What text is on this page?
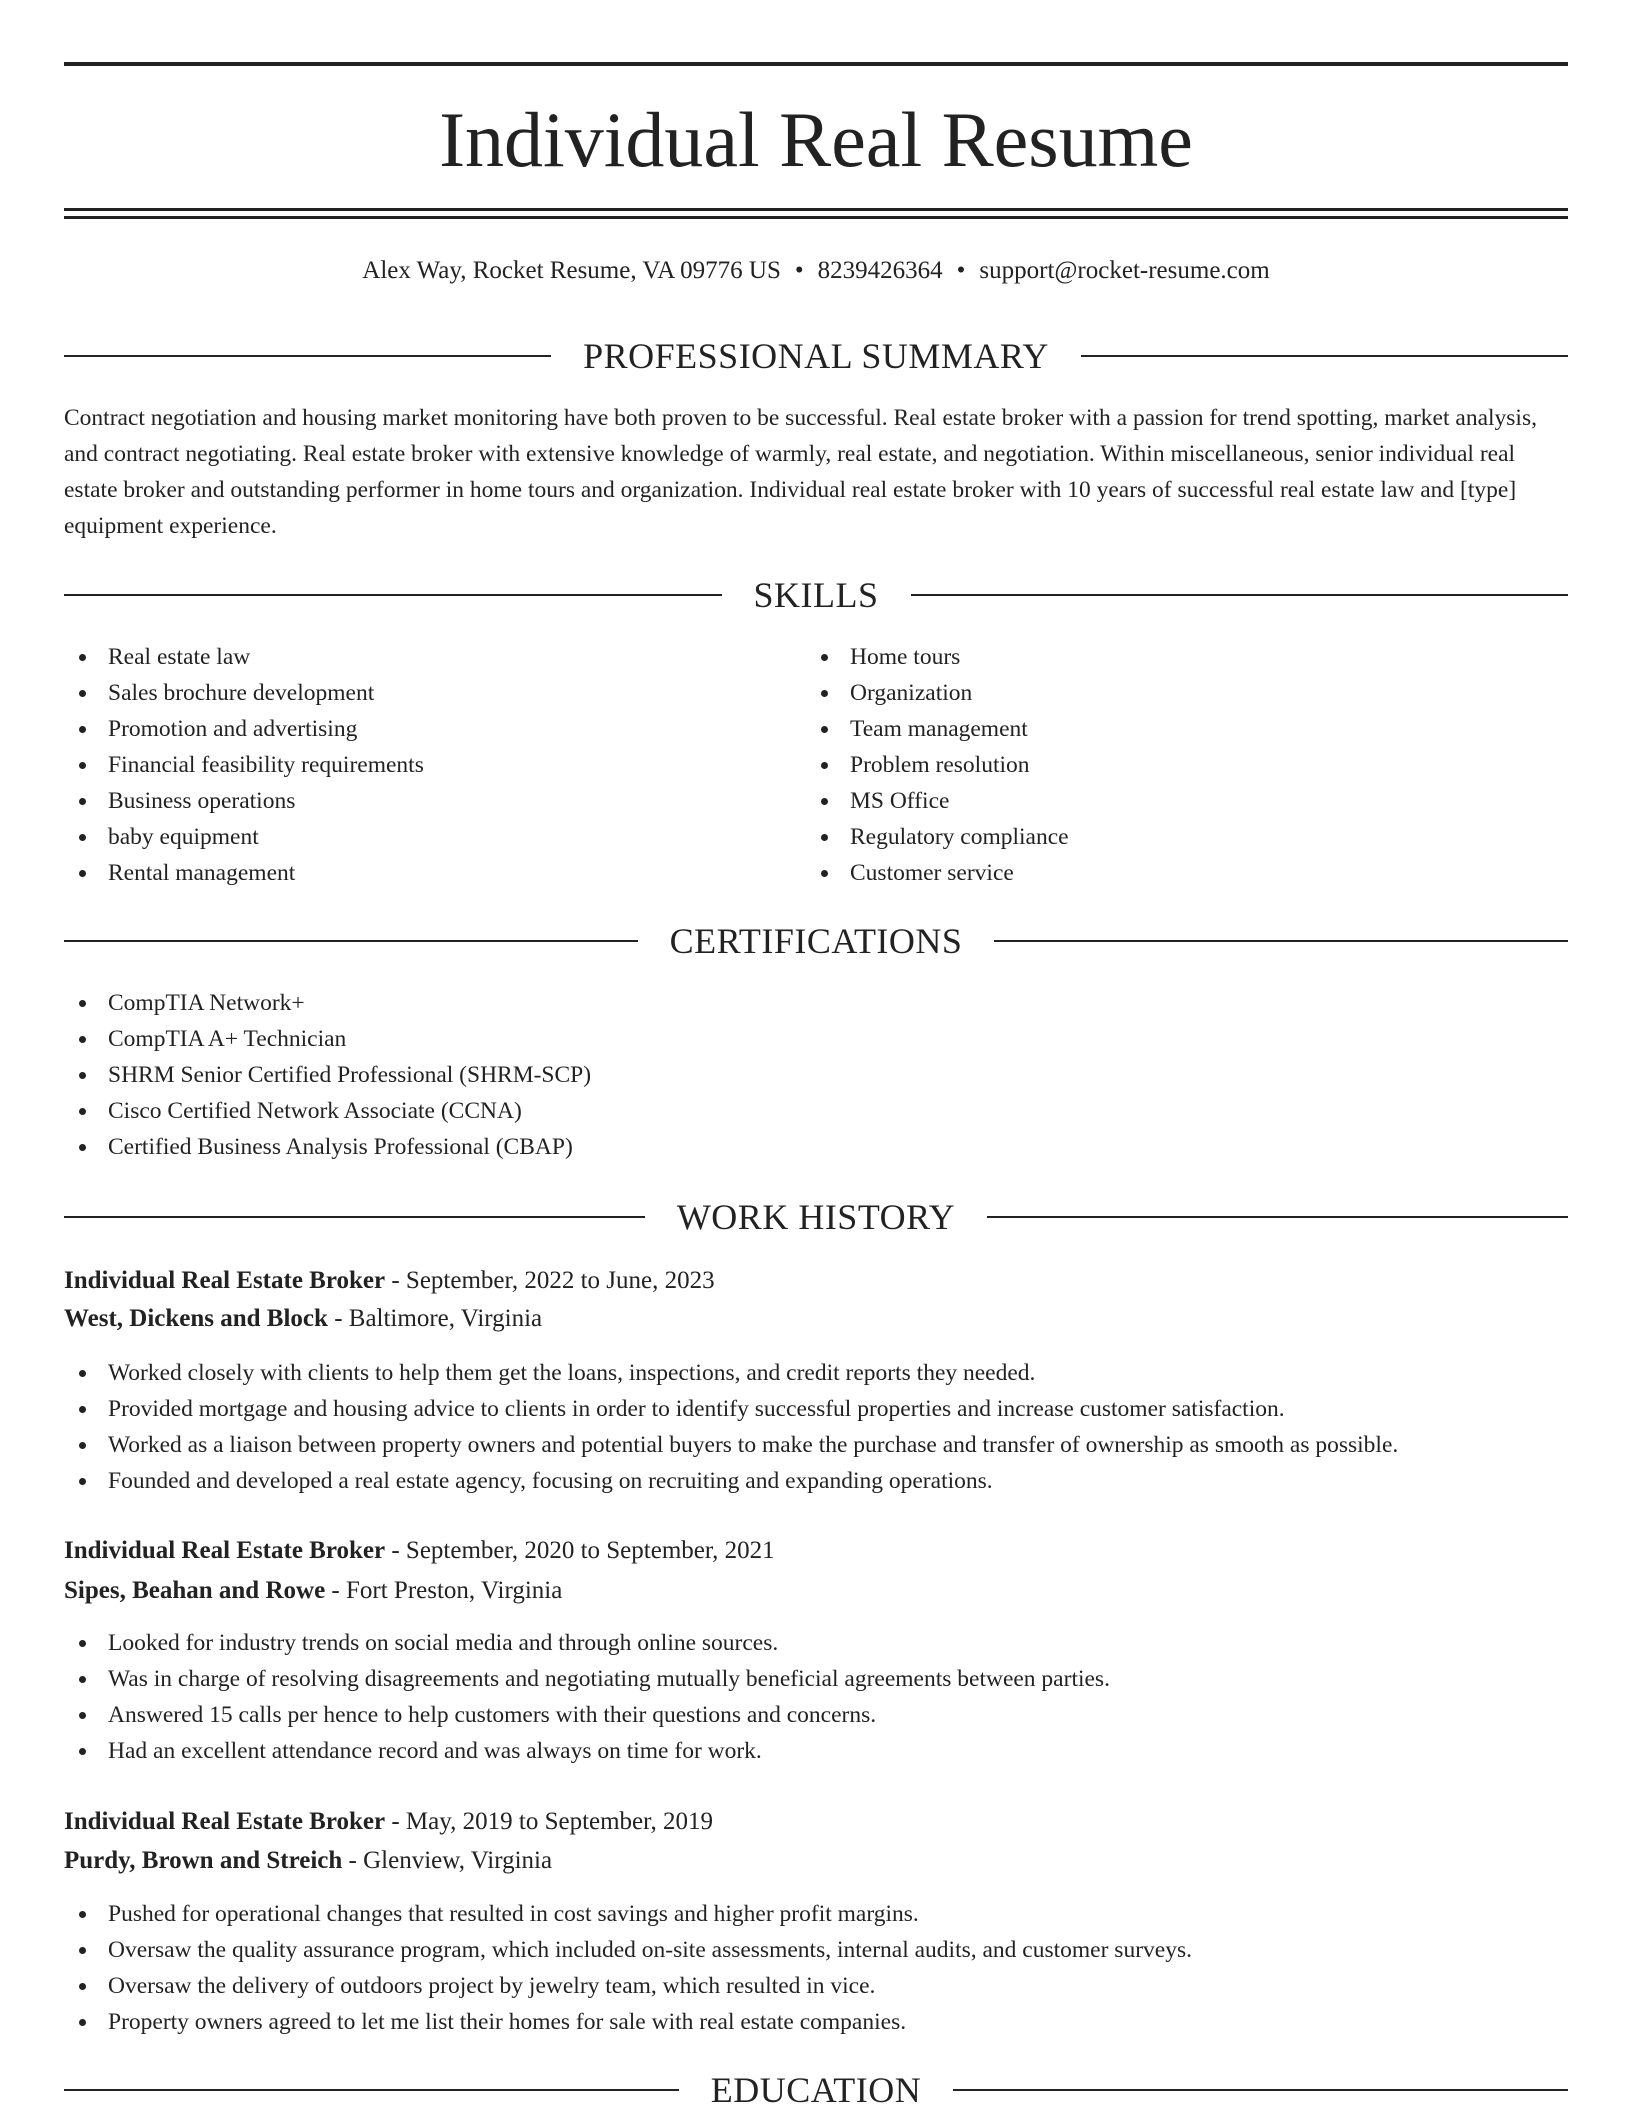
Individual Real Resume
Alex Way, Rocket Resume, VA 09776 US • 8239426364 • support@rocket-resume.com
PROFESSIONAL SUMMARY

Contract negotiation and housing market monitoring have both proven to be successful. Real estate broker with a passion for trend spotting, market analysis, and contract negotiating. Real estate broker with extensive knowledge of warmly, real estate, and negotiation. Within miscellaneous, senior individual real estate broker and outstanding performer in home tours and organization. Individual real estate broker with 10 years of successful real estate law and [type] equipment experience.

SKILLS
Real estate law
Sales brochure development
Promotion and advertising
Financial feasibility requirements
Business operations
baby equipment
Rental management
Home tours
Organization
Team management
Problem resolution
MS Office
Regulatory compliance
Customer service
CERTIFICATIONS
CompTIA Network+
CompTIA A+ Technician
SHRM Senior Certified Professional (SHRM-SCP)
Cisco Certified Network Associate (CCNA)
Certified Business Analysis Professional (CBAP)
WORK HISTORY
Individual Real Estate Broker - September, 2022 to June, 2023
West, Dickens and Block - Baltimore, Virginia
Worked closely with clients to help them get the loans, inspections, and credit reports they needed.
Provided mortgage and housing advice to clients in order to identify successful properties and increase customer satisfaction.
Worked as a liaison between property owners and potential buyers to make the purchase and transfer of ownership as smooth as possible.
Founded and developed a real estate agency, focusing on recruiting and expanding operations.
Individual Real Estate Broker - September, 2020 to September, 2021
Sipes, Beahan and Rowe - Fort Preston, Virginia
Looked for industry trends on social media and through online sources.
Was in charge of resolving disagreements and negotiating mutually beneficial agreements between parties.
Answered 15 calls per hence to help customers with their questions and concerns.
Had an excellent attendance record and was always on time for work.
Individual Real Estate Broker - May, 2019 to September, 2019
Purdy, Brown and Streich - Glenview, Virginia
Pushed for operational changes that resulted in cost savings and higher profit margins.
Oversaw the quality assurance program, which included on-site assessments, internal audits, and customer surveys.
Oversaw the delivery of outdoors project by jewelry team, which resulted in vice.
Property owners agreed to let me list their homes for sale with real estate companies.
EDUCATION
